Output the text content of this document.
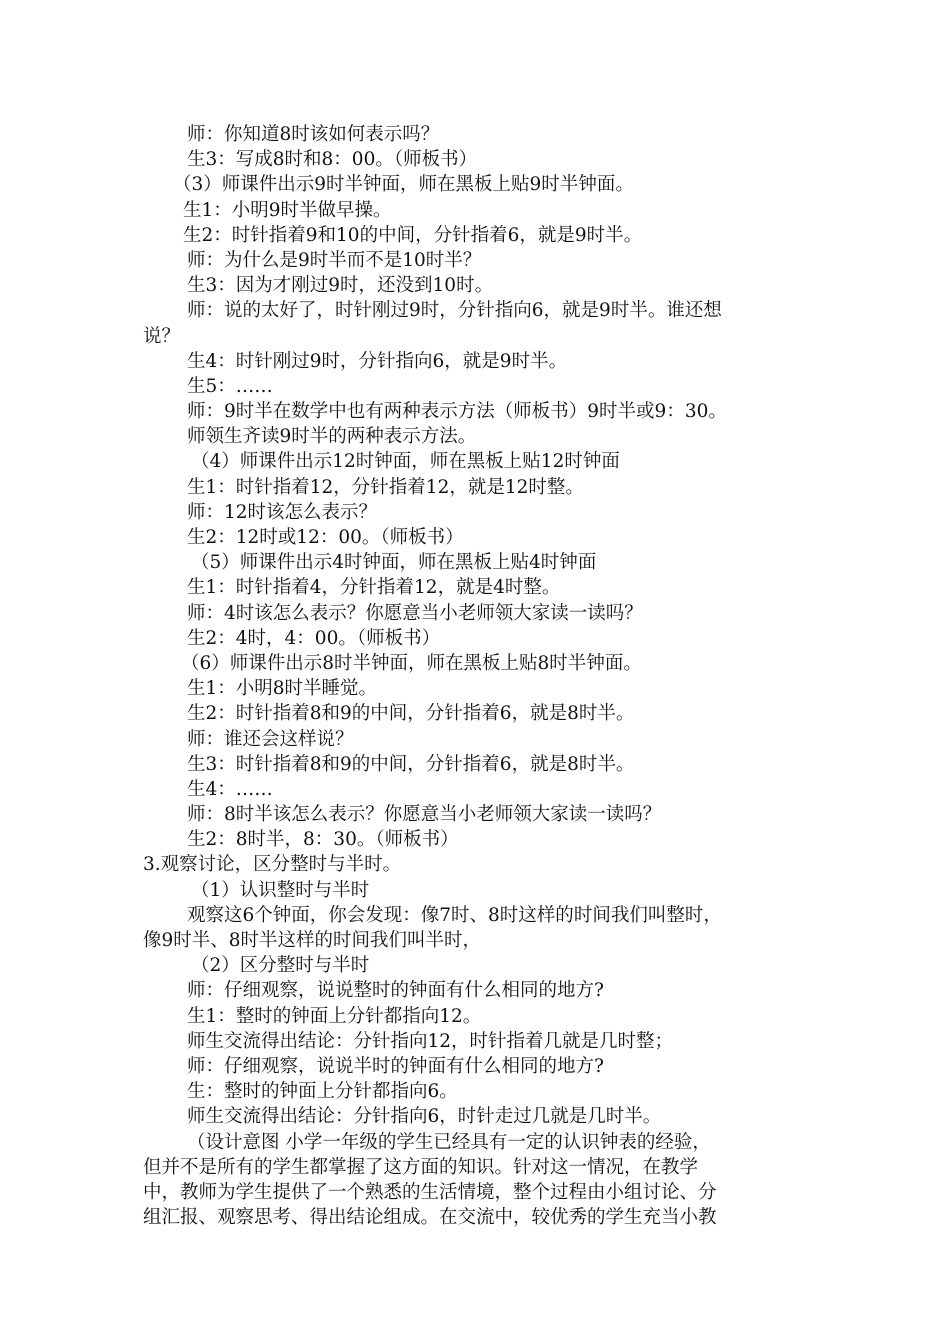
师：你知道8时该如何表示吗？
生3：写成8时和8：00。（师板书）
（3）师课件出示9时半钟面，师在黑板上贴9时半钟面。
生1：小明9时半做早操。
生2：时针指着9和10的中间，分针指着6，就是9时半。
师：为什么是9时半而不是10时半？
生3：因为才刚过9时，还没到10时。
师：说的太好了，时针刚过9时，分针指向6，就是9时半。谁还想
说？
生4：时针刚过9时，分针指向6，就是9时半。
生5：……
师：9时半在数学中也有两种表示方法（师板书）9时半或9：30。
师领生齐读9时半的两种表示方法。
（4）师课件出示12时钟面，师在黑板上贴12时钟面
生1：时针指着12，分针指着12，就是12时整。
师：12时该怎么表示？
生2：12时或12：00。（师板书）
（5）师课件出示4时钟面，师在黑板上贴4时钟面
生1：时针指着4，分针指着12，就是4时整。
师：4时该怎么表示？你愿意当小老师领大家读一读吗？
生2：4时，4：00。（师板书）
（6）师课件出示8时半钟面，师在黑板上贴8时半钟面。
生1：小明8时半睡觉。
生2：时针指着8和9的中间，分针指着6，就是8时半。
师：谁还会这样说？
生3：时针指着8和9的中间，分针指着6，就是8时半。
生4：……
师：8时半该怎么表示？你愿意当小老师领大家读一读吗？
生2：8时半，8：30。（师板书）
3.观察讨论，区分整时与半时。
（1）认识整时与半时
观察这6个钟面，你会发现：像7时、8时这样的时间我们叫整时，
像9时半、8时半这样的时间我们叫半时，
（2）区分整时与半时
师：仔细观察，说说整时的钟面有什么相同的地方?
生1：整时的钟面上分针都指向12。
师生交流得出结论：分针指向12，时针指着几就是几时整；
师：仔细观察，说说半时的钟面有什么相同的地方?
生：整时的钟面上分针都指向6。
师生交流得出结论：分针指向6，时针走过几就是几时半。
（设计意图 小学一年级的学生已经具有一定的认识钟表的经验，
但并不是所有的学生都掌握了这方面的知识。针对这一情况，在教学
中，教师为学生提供了一个熟悉的生活情境，整个过程由小组讨论、分
组汇报、观察思考、得出结论组成。在交流中，较优秀的学生充当小教
